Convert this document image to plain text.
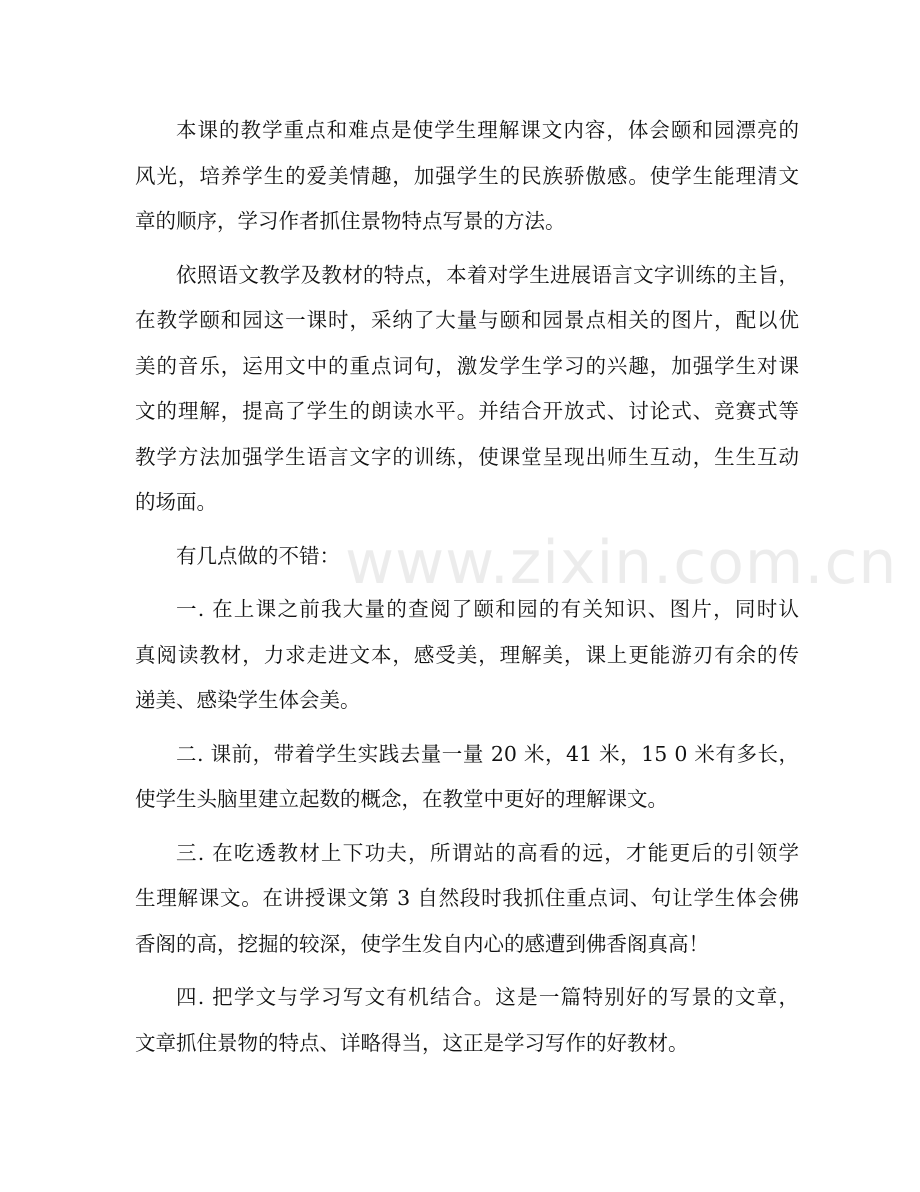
www.zixin.com.cn
本课的教学重点和难点是使学生理解课文内容，体会颐和园漂亮的
风光，培养学生的爱美情趣，加强学生的民族骄傲感。使学生能理清文
章的顺序，学习作者抓住景物特点写景的方法。
依照语文教学及教材的特点，本着对学生进展语言文字训练的主旨，
在教学颐和园这一课时，采纳了大量与颐和园景点相关的图片，配以优
美的音乐，运用文中的重点词句，激发学生学习的兴趣，加强学生对课
文的理解，提高了学生的朗读水平。并结合开放式、讨论式、竞赛式等
教学方法加强学生语言文字的训练，使课堂呈现出师生互动，生生互动
的场面。
有几点做的不错：
一. 在上课之前我大量的查阅了颐和园的有关知识、图片，同时认
真阅读教材，力求走进文本，感受美，理解美，课上更能游刃有余的传
递美、感染学生体会美。
二. 课前，带着学生实践去量一量 20 米，41 米，15 0 米有多长，
使学生头脑里建立起数的概念，在教堂中更好的理解课文。
三. 在吃透教材上下功夫，所谓站的高看的远，才能更后的引领学
生理解课文。在讲授课文第 3 自然段时我抓住重点词、句让学生体会佛
香阁的高，挖掘的较深，使学生发自内心的感遭到佛香阁真高！
四. 把学文与学习写文有机结合。这是一篇特别好的写景的文章，
文章抓住景物的特点、详略得当，这正是学习写作的好教材。
